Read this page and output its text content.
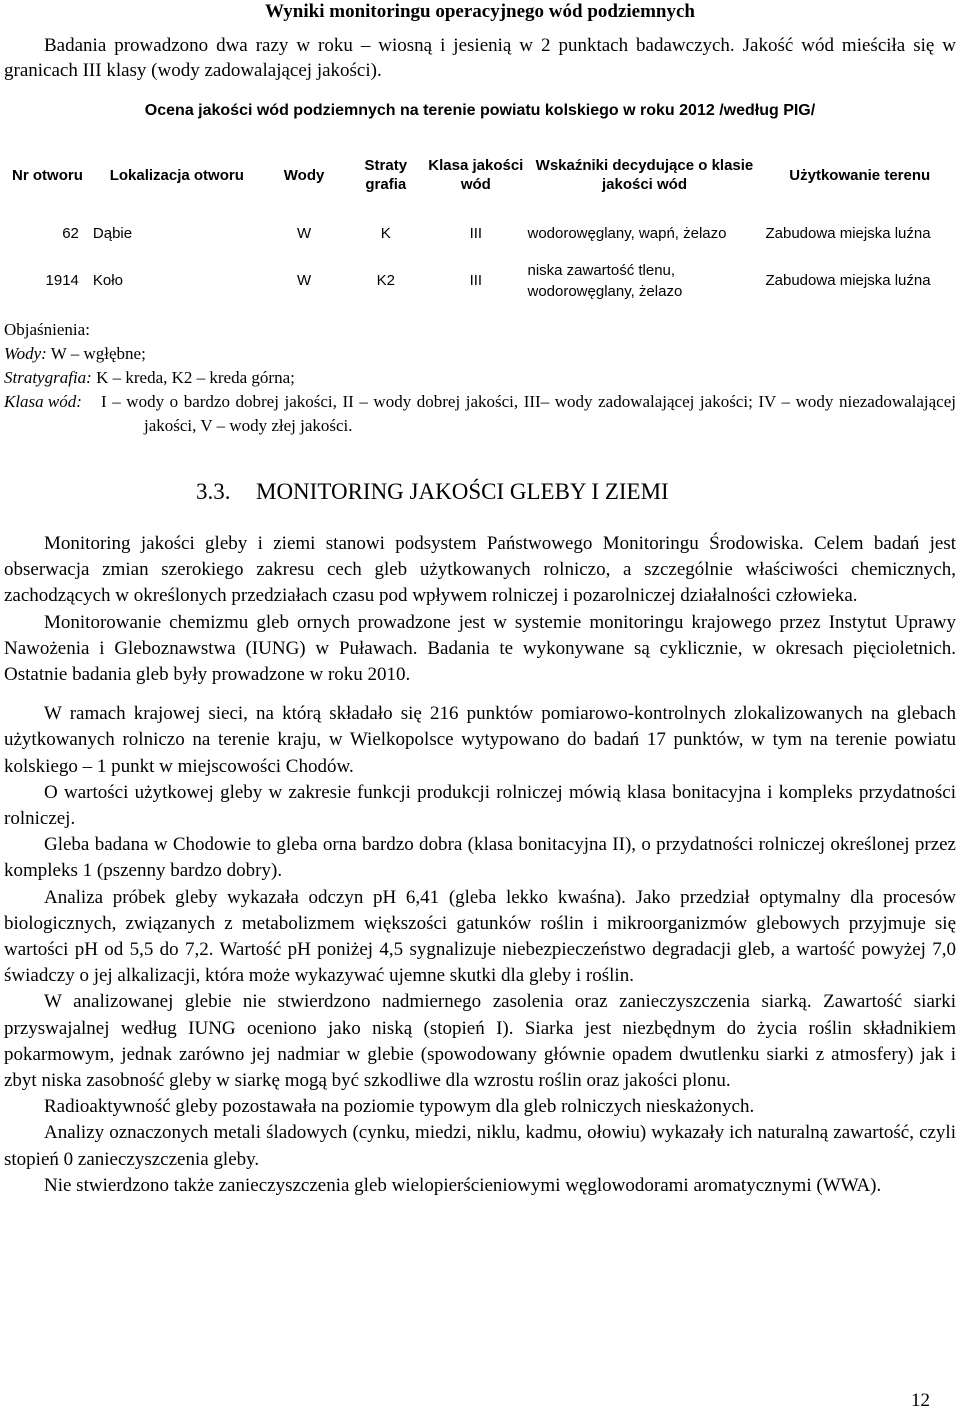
Wyniki monitoringu operacyjnego wód podziemnych

Badania prowadzono dwa razy w roku – wiosną i jesienią w 2 punktach badawczych. Jakość wód mieściła się w granicach III klasy (wody zadowalającej jakości).

Ocena jakości wód podziemnych na terenie powiatu kolskiego w roku 2012 /według PIG/
Nr otworu	Lokalizacja otworu	Wody	Straty grafia	Klasa jakości wód	Wskaźniki decydujące o klasie jakości wód	Użytkowanie terenu
62	Dąbie	W	K	III	wodorowęglany, wapń, żelazo	Zabudowa miejska luźna
1914	Koło	W	K2	III	niska zawartość tlenu, wodorowęglany, żelazo	Zabudowa miejska luźna
Objaśnienia:
Wody: W – wgłębne;
Stratygrafia: K – kreda, K2 – kreda górna;
Klasa wód: I – wody o bardzo dobrej jakości, II – wody dobrej jakości, III– wody zadowalającej jakości; IV – wody niezadowalającej jakości, V – wody złej jakości.
3.3. MONITORING JAKOŚCI GLEBY I ZIEMI

Monitoring jakości gleby i ziemi stanowi podsystem Państwowego Monitoringu Środowiska. Celem badań jest obserwacja zmian szerokiego zakresu cech gleb użytkowanych rolniczo, a szczególnie właściwości chemicznych, zachodzących w określonych przedziałach czasu pod wpływem rolniczej i pozarolniczej działalności człowieka.

Monitorowanie chemizmu gleb ornych prowadzone jest w systemie monitoringu krajowego przez Instytut Uprawy Nawożenia i Gleboznawstwa (IUNG) w Puławach. Badania te wykonywane są cyklicznie, w okresach pięcioletnich. Ostatnie badania gleb były prowadzone w roku 2010.

W ramach krajowej sieci, na którą składało się 216 punktów pomiarowo-kontrolnych zlokalizowanych na glebach użytkowanych rolniczo na terenie kraju, w Wielkopolsce wytypowano do badań 17 punktów, w tym na terenie powiatu kolskiego – 1 punkt w miejscowości Chodów.

O wartości użytkowej gleby w zakresie funkcji produkcji rolniczej mówią klasa bonitacyjna i kompleks przydatności rolniczej.

Gleba badana w Chodowie to gleba orna bardzo dobra (klasa bonitacyjna II), o przydatności rolniczej określonej przez kompleks 1 (pszenny bardzo dobry).

Analiza próbek gleby wykazała odczyn pH 6,41 (gleba lekko kwaśna). Jako przedział optymalny dla procesów biologicznych, związanych z metabolizmem większości gatunków roślin i mikroorganizmów glebowych przyjmuje się wartości pH od 5,5 do 7,2. Wartość pH poniżej 4,5 sygnalizuje niebezpieczeństwo degradacji gleb, a wartość powyżej 7,0 świadczy o jej alkalizacji, która może wykazywać ujemne skutki dla gleby i roślin.

W analizowanej glebie nie stwierdzono nadmiernego zasolenia oraz zanieczyszczenia siarką. Zawartość siarki przyswajalnej według IUNG oceniono jako niską (stopień I). Siarka jest niezbędnym do życia roślin składnikiem pokarmowym, jednak zarówno jej nadmiar w glebie (spowodowany głównie opadem dwutlenku siarki z atmosfery) jak i zbyt niska zasobność gleby w siarkę mogą być szkodliwe dla wzrostu roślin oraz jakości plonu.

Radioaktywność gleby pozostawała na poziomie typowym dla gleb rolniczych nieskażonych.

Analizy oznaczonych metali śladowych (cynku, miedzi, niklu, kadmu, ołowiu) wykazały ich naturalną zawartość, czyli stopień 0 zanieczyszczenia gleby.

Nie stwierdzono także zanieczyszczenia gleb wielopierścieniowymi węglowodorami aromatycznymi (WWA).

12
